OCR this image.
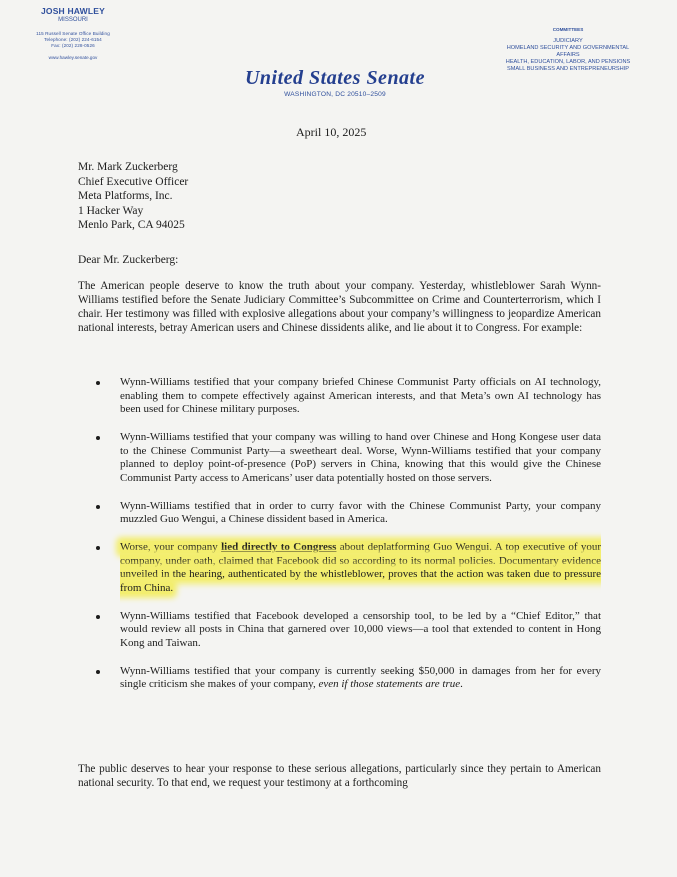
JOSH HAWLEY
MISSOURI
115 Russell Senate Office Building
Telephone: (202) 224-6154
Fax: (202) 228-0526
www.hawley.senate.gov
United States Senate
WASHINGTON, DC 20510–2509
COMMITTEES
JUDICIARY
HOMELAND SECURITY AND GOVERNMENTAL AFFAIRS
HEALTH, EDUCATION, LABOR, AND PENSIONS
SMALL BUSINESS AND ENTREPRENEURSHIP
April 10, 2025
Mr. Mark Zuckerberg
Chief Executive Officer
Meta Platforms, Inc.
1 Hacker Way
Menlo Park, CA 94025
Dear Mr. Zuckerberg:
The American people deserve to know the truth about your company. Yesterday, whistleblower Sarah Wynn-Williams testified before the Senate Judiciary Committee’s Subcommittee on Crime and Counterterrorism, which I chair. Her testimony was filled with explosive allegations about your company’s willingness to jeopardize American national interests, betray American users and Chinese dissidents alike, and lie about it to Congress. For example:
Wynn-Williams testified that your company briefed Chinese Communist Party officials on AI technology, enabling them to compete effectively against American interests, and that Meta’s own AI technology has been used for Chinese military purposes.
Wynn-Williams testified that your company was willing to hand over Chinese and Hong Kongese user data to the Chinese Communist Party—a sweetheart deal. Worse, Wynn-Williams testified that your company planned to deploy point-of-presence (PoP) servers in China, knowing that this would give the Chinese Communist Party access to Americans’ user data potentially hosted on those servers.
Wynn-Williams testified that in order to curry favor with the Chinese Communist Party, your company muzzled Guo Wengui, a Chinese dissident based in America.
Worse, your company lied directly to Congress about deplatforming Guo Wengui. A top executive of your company, under oath, claimed that Facebook did so according to its normal policies. Documentary evidence unveiled in the hearing, authenticated by the whistleblower, proves that the action was taken due to pressure from China.
Wynn-Williams testified that Facebook developed a censorship tool, to be led by a “Chief Editor,” that would review all posts in China that garnered over 10,000 views—a tool that extended to content in Hong Kong and Taiwan.
Wynn-Williams testified that your company is currently seeking $50,000 in damages from her for every single criticism she makes of your company, even if those statements are true.
The public deserves to hear your response to these serious allegations, particularly since they pertain to American national security. To that end, we request your testimony at a forthcoming
